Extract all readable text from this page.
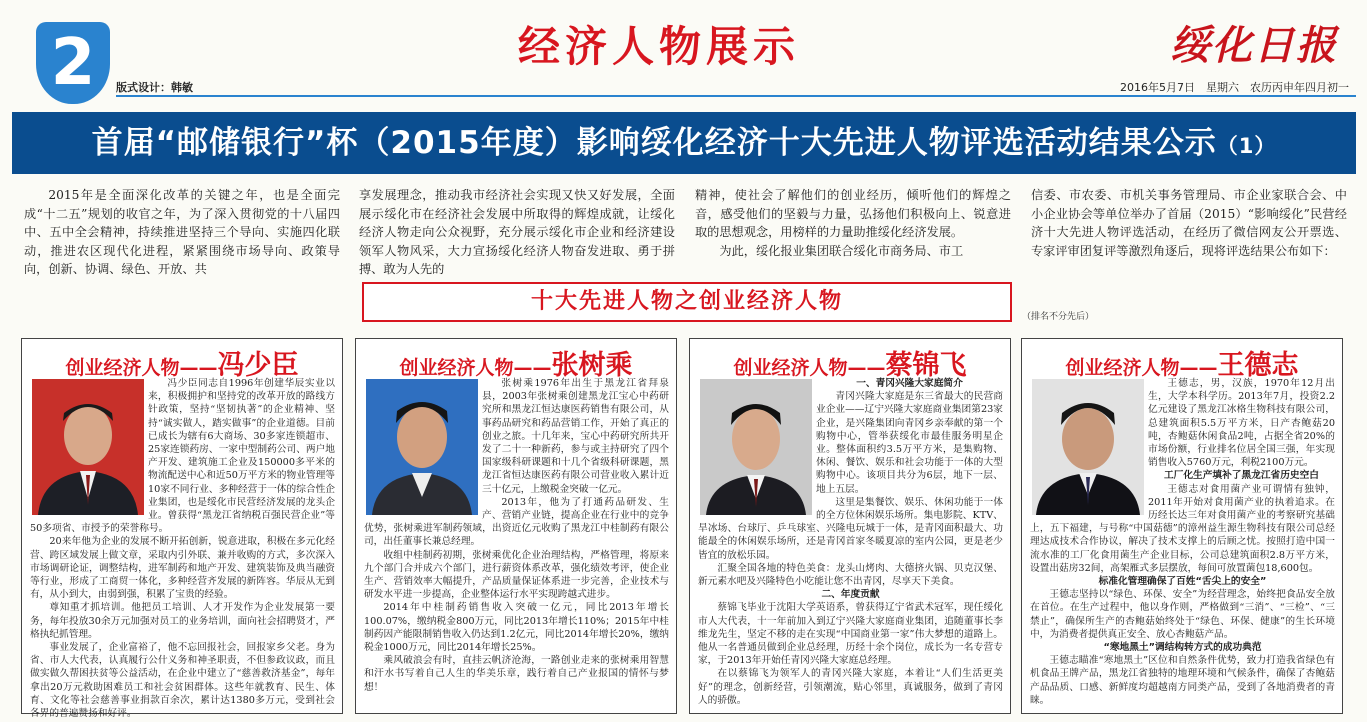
2	经济人物展示	绥化日报
版式设计：韩敏	2016年5月7日　星期六　农历丙申年四月初一
首届“邮储银行”杯（2015年度）影响绥化经济十大先进人物评选活动结果公示（1）
2015年是全面深化改革的关键之年，也是全面完成“十二五”规划的收官之年，为了深入贯彻党的十八届四中、五中全会精神，持续推进坚持三个导向、实施四化联动，推进农区现代化进程，紧紧围绕市场导向、政策导向，创新、协调、绿色、开放、共
享发展理念，推动我市经济社会实现又快又好发展，全面展示绥化市在经济社会发展中所取得的辉煌成就，让绥化经济人物走向公众视野，充分展示绥化市企业和经济建设领军人物风采，大力宣扬绥化经济人物奋发进取、勇于拼搏、敢为人先的
精神，使社会了解他们的创业经历，倾听他们的辉煌之音，感受他们的坚毅与力量，弘扬他们积极向上、锐意进取的思想观念，用榜样的力量助推绥化经济发展。
为此，绥化报业集团联合绥化市商务局、市工
信委、市农委、市机关事务管理局、市企业家联合会、中小企业协会等单位举办了首届（2015）“影响绥化”民营经济十大先进人物评选活动，在经历了微信网友公开票选、专家评审团复评等激烈角逐后，现将评选结果公布如下：
十大先进人物之创业经济人物
（排名不分先后）
创业经济人物——冯少臣

冯少臣同志自1996年创建华辰实业以来，积极拥护和坚持党的改革开放的路线方针政策，坚持“坚韧执著”的企业精神、坚持“诚实做人，踏实做事”的企业道德。目前已成长为辖有6大商场、30多家连锁超市、25家连锁药房、一家中型制药公司、两户地产开发、建筑施工企业及150000多平米的物流配送中心和近50万平方米的物业管理等10家不同行业、多种经营于一体的综合性企业集团，也是绥化市民营经济发展的龙头企业。曾获得“黑龙江省纳税百强民营企业”等50多项省、市授予的荣誉称号。

20来年他为企业的发展不断开拓创新，锐意进取，积极在多元化经营、跨区域发展上做文章，采取内引外联、兼并收购的方式，多次深入市场调研论证，调整结构，进军制药和地产开发、建筑装饰及典当融资等行业，形成了工商贸一体化，多种经营齐发展的新阵容。华辰从无到有，从小到大，由弱到强，积累了宝贵的经验。

尊知重才抓培训。他把员工培训、人才开发作为企业发展第一要务，每年投放30余万元加强对员工的业务培训，面向社会招聘贤才，严格执纪抓管理。

事业发展了，企业富裕了，他不忘回报社会，回报家乡父老。身为省、市人大代表，认真履行公什义务和神圣职责，不但参政议政，而且做实做久帮困扶贫等公益活动，在企业中建立了“慈善救济基金”，每年拿出20万元救助困难员工和社会贫困群体。这些年就教育、民生、体育、文化等社会慈善事业捐款百余次，累计达1380多万元，受到社会各界的普遍赞扬和好评。

创业经济人物——张树乘

张树乘1976年出生于黑龙江省拜泉县，2003年张树乘创建黑龙江宝心中药研究所和黑龙江恒达康医药销售有限公司，从事药品研究和药品营销工作，开始了真正的创业之旅。十几年来，宝心中药研究所共开发了二十一种新药，参与或主持研究了四个国家级科研课题和十几个省级科研课题，黑龙江省恒达康医药有限公司营业收入累计近三十亿元，上缴税金突破一亿元。

2013年，他为了打通药品研发、生产、营销产业链，提高企业在行业中的竞争优势，张树乘进军制药领域，出资近亿元收购了黑龙江中桂制药有限公司，出任董事长兼总经理。

收组中桂制药初期，张树乘优化企业治理结构，严格管理，将原来九个部门合并成六个部门，进行薪资体系改革，强化绩效考评，使企业生产、营销效率大幅提升，产品质量保证体系进一步完善，企业技术与研发水平进一步提高，企业整体运行水平实现跨越式进步。

2014年中桂制药销售收入突破一亿元，同比2013年增长100.07%，缴纳税金800万元，同比2013年增长110%；2015年中桂制药因产能限制销售收入仍达到1.2亿元，同比2014年增长20%，缴纳税金1000万元，同比2014年增长25%。

乘风破浪会有时，直挂云帆济沧海，一路创业走来的张树乘用智慧和汗水书写着自己人生的华美乐章，践行着自己产业报国的情怀与梦想！

创业经济人物——蔡锦飞

一、青冈兴隆大家庭简介

青冈兴隆大家庭是东三省最大的民营商业企业——辽宁兴隆大家庭商业集团第23家企业，是兴隆集团向青冈乡亲奉献的第一个购物中心，管举获绥化市最佳服务明星企业。整体面积约3.5万平方米，是集购物、休闲、餐饮、娱乐和社会功能于一体的大型购物中心。该项目共分为6层，地下一层、地上五层。

这里是集餐饮、娱乐、休闲功能于一体的全方位休闲娱乐场所。集电影院、KTV、旱冰场、台球厅、乒乓球室、兴隆电玩城于一体，是青冈面积最大、功能最全的休闲娱乐场所，还是青冈首家冬暖夏凉的室内公园，更是老少皆宜的放松乐园。

汇聚全国各地的特色美食：龙头山烤肉、大德挤火锅、贝克汉堡、新元素水吧及兴隆特色小吃能让您不出青冈，尽享天下美食。

二、年度贡献

蔡锦飞毕业于沈阳大学英语系，曾获得辽宁省武术冠军，现任绥化市人大代表，十一年前加入到辽宁兴隆大家庭商业集团，追随董事长李维龙先生，坚定不移的走在实现“中国商业第一家”伟大梦想的道路上。他从一名普通员做到企业总经理，历经十余个岗位，成长为一名专营专家，于2013年开始任青冈兴隆大家庭总经理。

在以蔡锦飞为领军人的青冈兴隆大家庭，本着让“人们生活更美好”的理念，创新经营，引领潮流，贴心邻里，真诚服务，做到了青冈人的骄傲。

创业经济人物——王德志

王德志，男，汉族，1970年12月出生，大学本科学历。2013年7月，投资2.2亿元建设了黑龙江冰格生物科技有限公司，总建筑面积5.5万平方米，日产杏鲍菇20吨，杏鲍菇休闲食品2吨，占据全省20%的市场份额，行业排名位居全国三强，年实现销售收入5760万元，利税2100万元。

工厂化生产填补了黑龙江省历史空白

王德志对食用菌产业可谓情有独钟，2011年开始对食用菌产业的执着追求。在历经长达三年对食用菌产业的考察研究基础上，五下福建，与号称“中国菇德”的漳州益生源生物科技有限公司总经理达成技术合作协议，解决了技术支撑上的后顾之忧。按照打造中国一流水准的工厂化食用菌生产企业目标，公司总建筑面积2.8万平方米，设置出菇房32间，高架雁式多层摆放，每间可放置菌包18,600包。

标准化管理确保了百姓“舌尖上的安全”

王德志坚持以“绿色、环保、安全”为经营理念，始终把食品安全放在首位。在生产过程中，他以身作则，严格做到“三消”、“三检”、“三禁止”，确保所生产的杏鲍菇始终处于“绿色、环保、健康”的生长环境中，为消费者提供真正安全、放心杏鲍菇产品。

“寒地黑土”调结构转方式的成功典范

王德志瞄准“寒地黑土”区位和自然条件优势，致力打造我省绿色有机食品王牌产品，黑龙江省独特的地理环境和气候条件，确保了杏鲍菇产品品质、口感、新鲜度均超越南方同类产品，受到了各地消费者的青睐。
